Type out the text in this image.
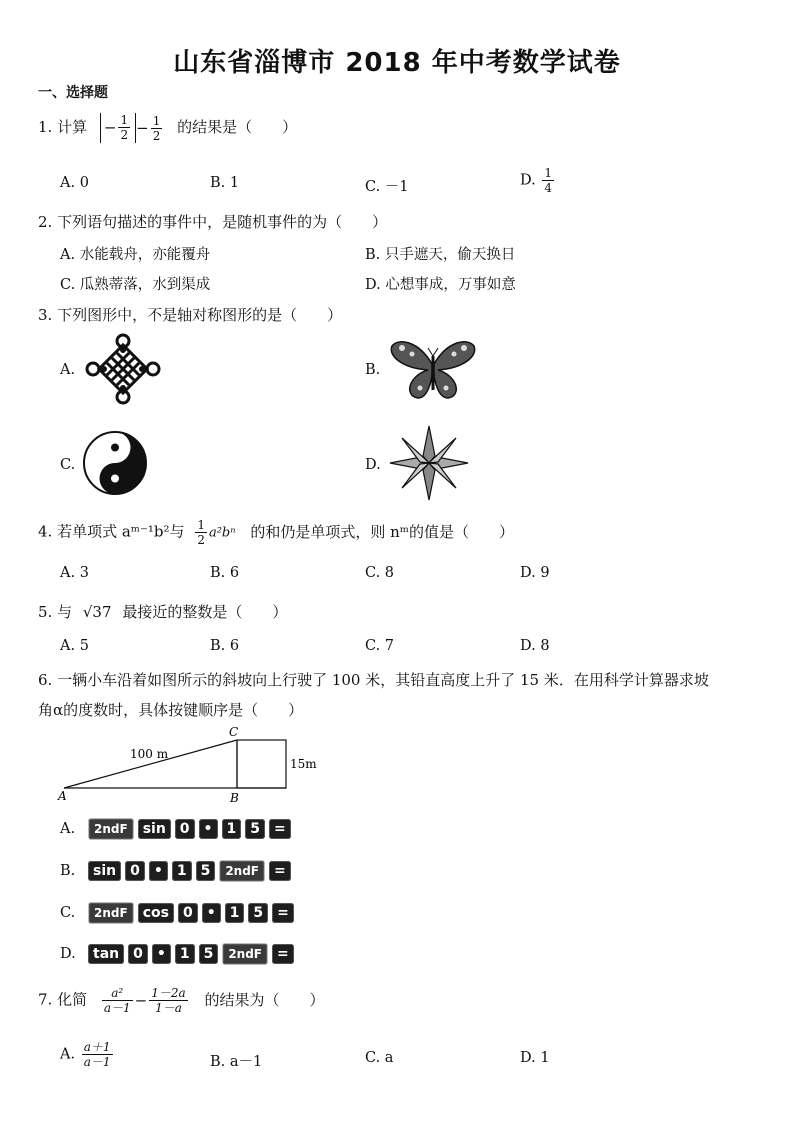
山东省淄博市 2018 年中考数学试卷
一、选择题
1. 计算 − $\frac{1}{2} - \frac{1}{2}$ 的结果是（　　）
A. 0	B. 1	C. －1	D. $\frac{1}{4}$
2. 下列语句描述的事件中，是随机事件的为（　　）
A. 水能载舟，亦能覆舟	B. 只手遮天，偷天换日
C. 瓜熟蒂落，水到渠成	D. 心想事成，万事如意
3. 下列图形中，不是轴对称图形的是（　　）
A.	B.
C.	D.
4. 若单项式 aᵐ⁻¹b²与 $\frac{1}{2} a^2b^n$ 的和仍是单项式，则 nᵐ的值是（　　）
A. 3	B. 6	C. 8	D. 9
5. 与 √37 最接近的整数是（　　）
A. 5	B. 6	C. 7	D. 8
6. 一辆小车沿着如图所示的斜坡向上行驶了 100 米，其铅直高度上升了 15 米．在用科学计算器求坡
角α的度数时，具体按键顺序是（　　）
100 m
15m
A	B
C
A.	2ndF	sin	0	•	1	5	=
B.	sin	0	•	1	5	2ndF	=
C.	2ndF	cos	0	•	1	5	=
D.	tan	0	•	1	5	2ndF	=
7. 化简 $\frac{\text{a²}}{a-1} - \frac{1-2a}{1-a}$ 的结果为（　　）
A. $\frac{a+1}{a-1}$	B. a－1	C. a	D. 1
